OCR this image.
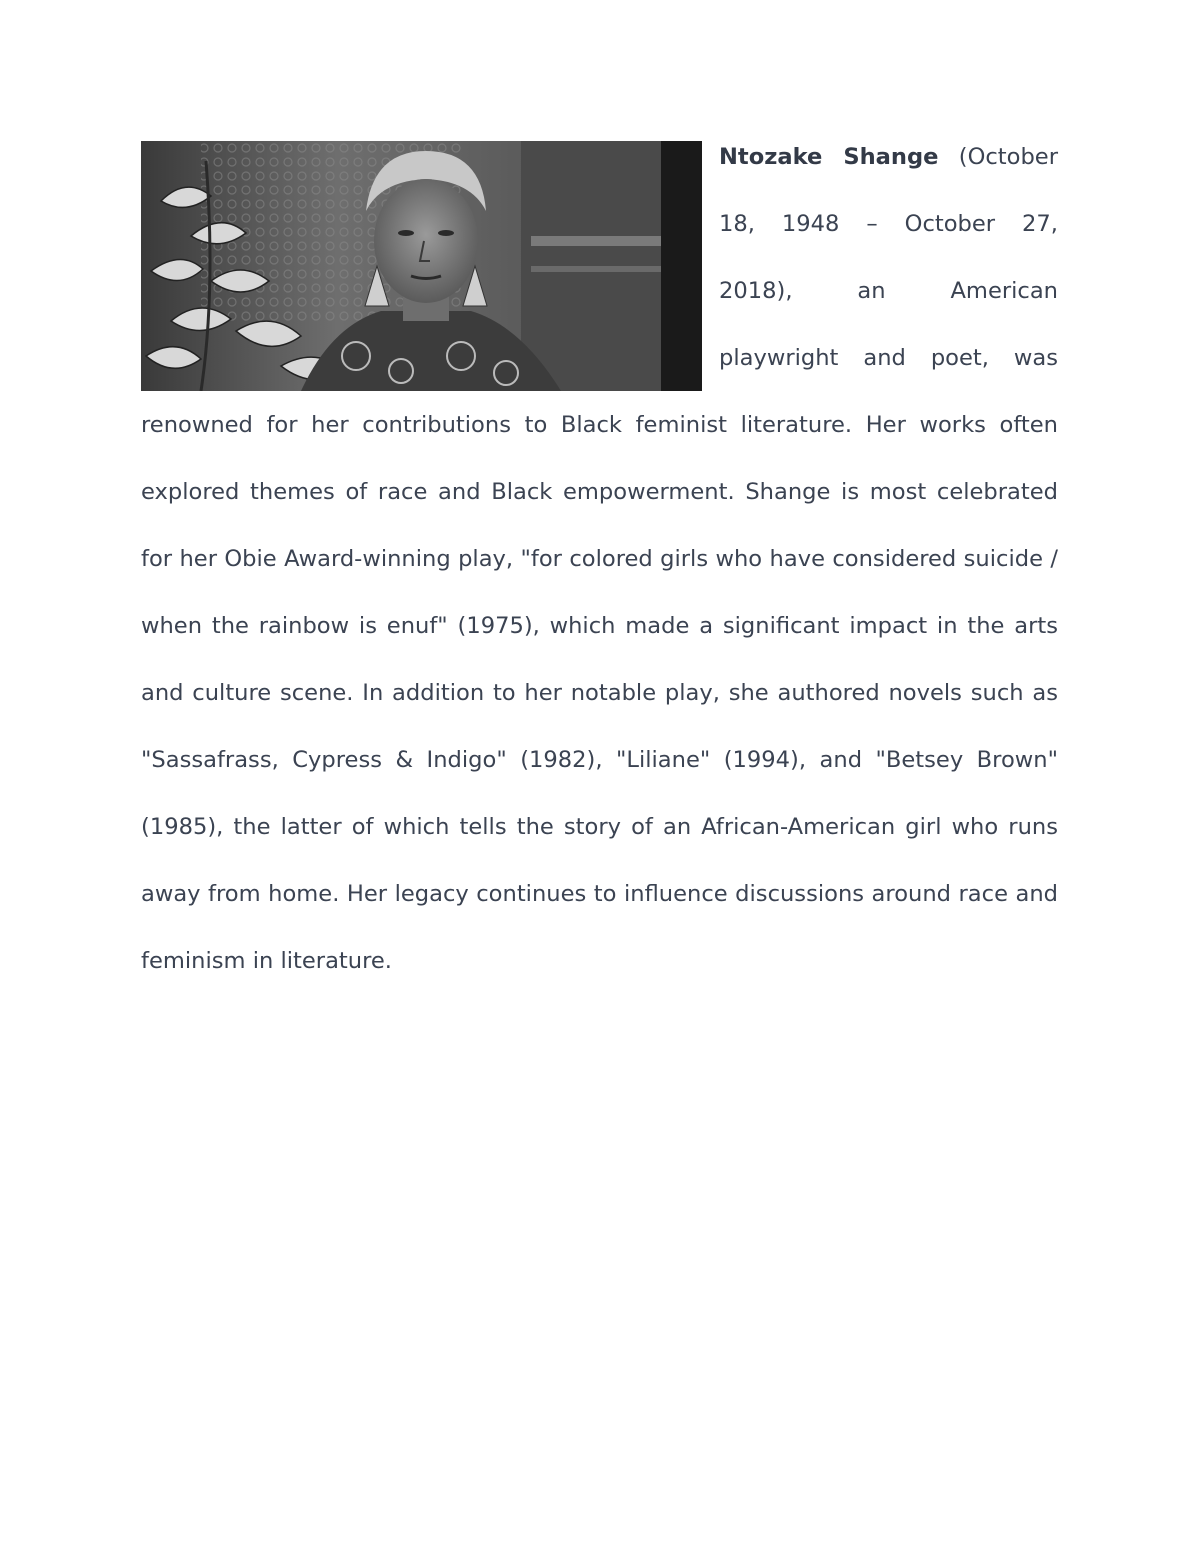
Ntozake Shange (October 18, 1948 – October 27, 2018), an American playwright and poet, was renowned for her contributions to Black feminist literature. Her works often explored themes of race and Black empowerment. Shange is most celebrated for her Obie Award-winning play, "for colored girls who have considered suicide / when the rainbow is enuf" (1975), which made a significant impact in the arts and culture scene. In addition to her notable play, she authored novels such as "Sassafrass, Cypress & Indigo" (1982), "Liliane" (1994), and "Betsey Brown" (1985), the latter of which tells the story of an African-American girl who runs away from home. Her legacy continues to influence discussions around race and feminism in literature.
